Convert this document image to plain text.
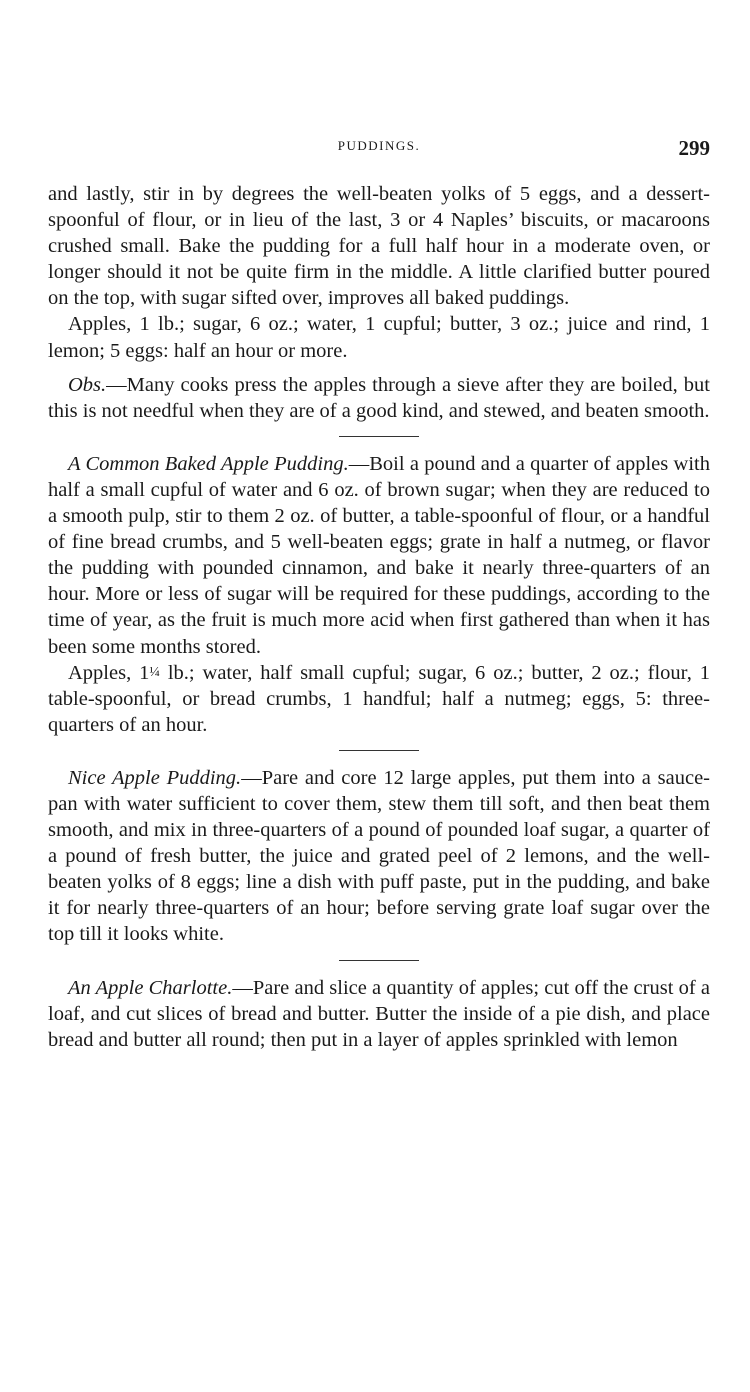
PUDDINGS.	299

and lastly, stir in by degrees the well-beaten yolks of 5 eggs, and a dessert-spoonful of flour, or in lieu of the last, 3 or 4 Naples’ biscuits, or macaroons crushed small. Bake the pudding for a full half hour in a moderate oven, or longer should it not be quite firm in the middle. A little clarified butter poured on the top, with sugar sifted over, improves all baked puddings.

Apples, 1 lb.; sugar, 6 oz.; water, 1 cupful; butter, 3 oz.; juice and rind, 1 lemon; 5 eggs: half an hour or more.

Obs.—Many cooks press the apples through a sieve after they are boiled, but this is not needful when they are of a good kind, and stewed, and beaten smooth.

A Common Baked Apple Pudding.—Boil a pound and a quarter of apples with half a small cupful of water and 6 oz. of brown sugar; when they are reduced to a smooth pulp, stir to them 2 oz. of butter, a table-spoonful of flour, or a handful of fine bread crumbs, and 5 well-beaten eggs; grate in half a nutmeg, or flavor the pudding with pounded cinnamon, and bake it nearly three-quarters of an hour. More or less of sugar will be required for these puddings, according to the time of year, as the fruit is much more acid when first gathered than when it has been some months stored.

Apples, 1¼ lb.; water, half small cupful; sugar, 6 oz.; butter, 2 oz.; flour, 1 table-spoonful, or bread crumbs, 1 handful; half a nutmeg; eggs, 5: three-quarters of an hour.

Nice Apple Pudding.—Pare and core 12 large apples, put them into a sauce-pan with water sufficient to cover them, stew them till soft, and then beat them smooth, and mix in three-quarters of a pound of pounded loaf sugar, a quarter of a pound of fresh butter, the juice and grated peel of 2 lemons, and the well-beaten yolks of 8 eggs; line a dish with puff paste, put in the pudding, and bake it for nearly three-quarters of an hour; before serving grate loaf sugar over the top till it looks white.

An Apple Charlotte.—Pare and slice a quantity of apples; cut off the crust of a loaf, and cut slices of bread and butter. Butter the inside of a pie dish, and place bread and butter all round; then put in a layer of apples sprinkled with lemon
